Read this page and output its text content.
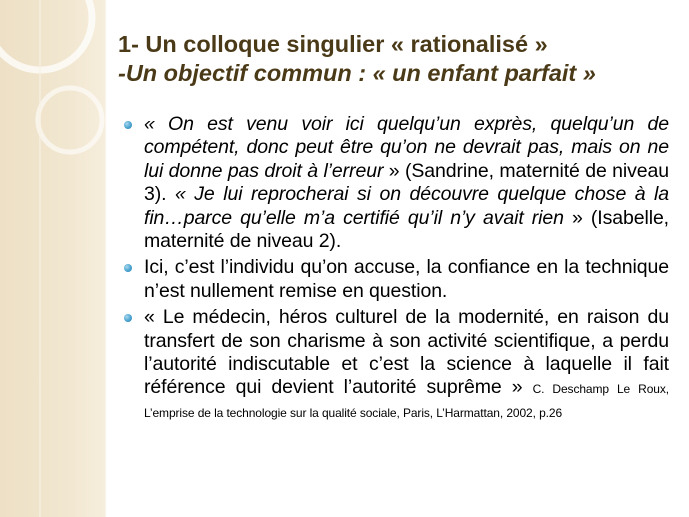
1- Un colloque singulier « rationalisé »
-Un objectif commun : « un enfant parfait »
« On est venu voir ici quelqu’un exprès, quelqu’un de compétent, donc peut être qu’on ne devrait pas, mais on ne lui donne pas droit à l’erreur » (Sandrine, maternité de niveau 3). « Je lui reprocherai si on découvre quelque chose à la fin…parce qu’elle m’a certifié qu’il n’y avait rien » (Isabelle, maternité de niveau 2).
Ici, c’est l’individu qu’on accuse, la confiance en la technique n’est nullement remise en question.
« Le médecin, héros culturel de la modernité, en raison du transfert de son charisme à son activité scientifique, a perdu l’autorité indiscutable et c’est la science à laquelle il fait référence qui devient l’autorité suprême » C. Deschamp Le Roux, L’emprise de la technologie sur la qualité sociale, Paris, L’Harmattan, 2002, p.26
